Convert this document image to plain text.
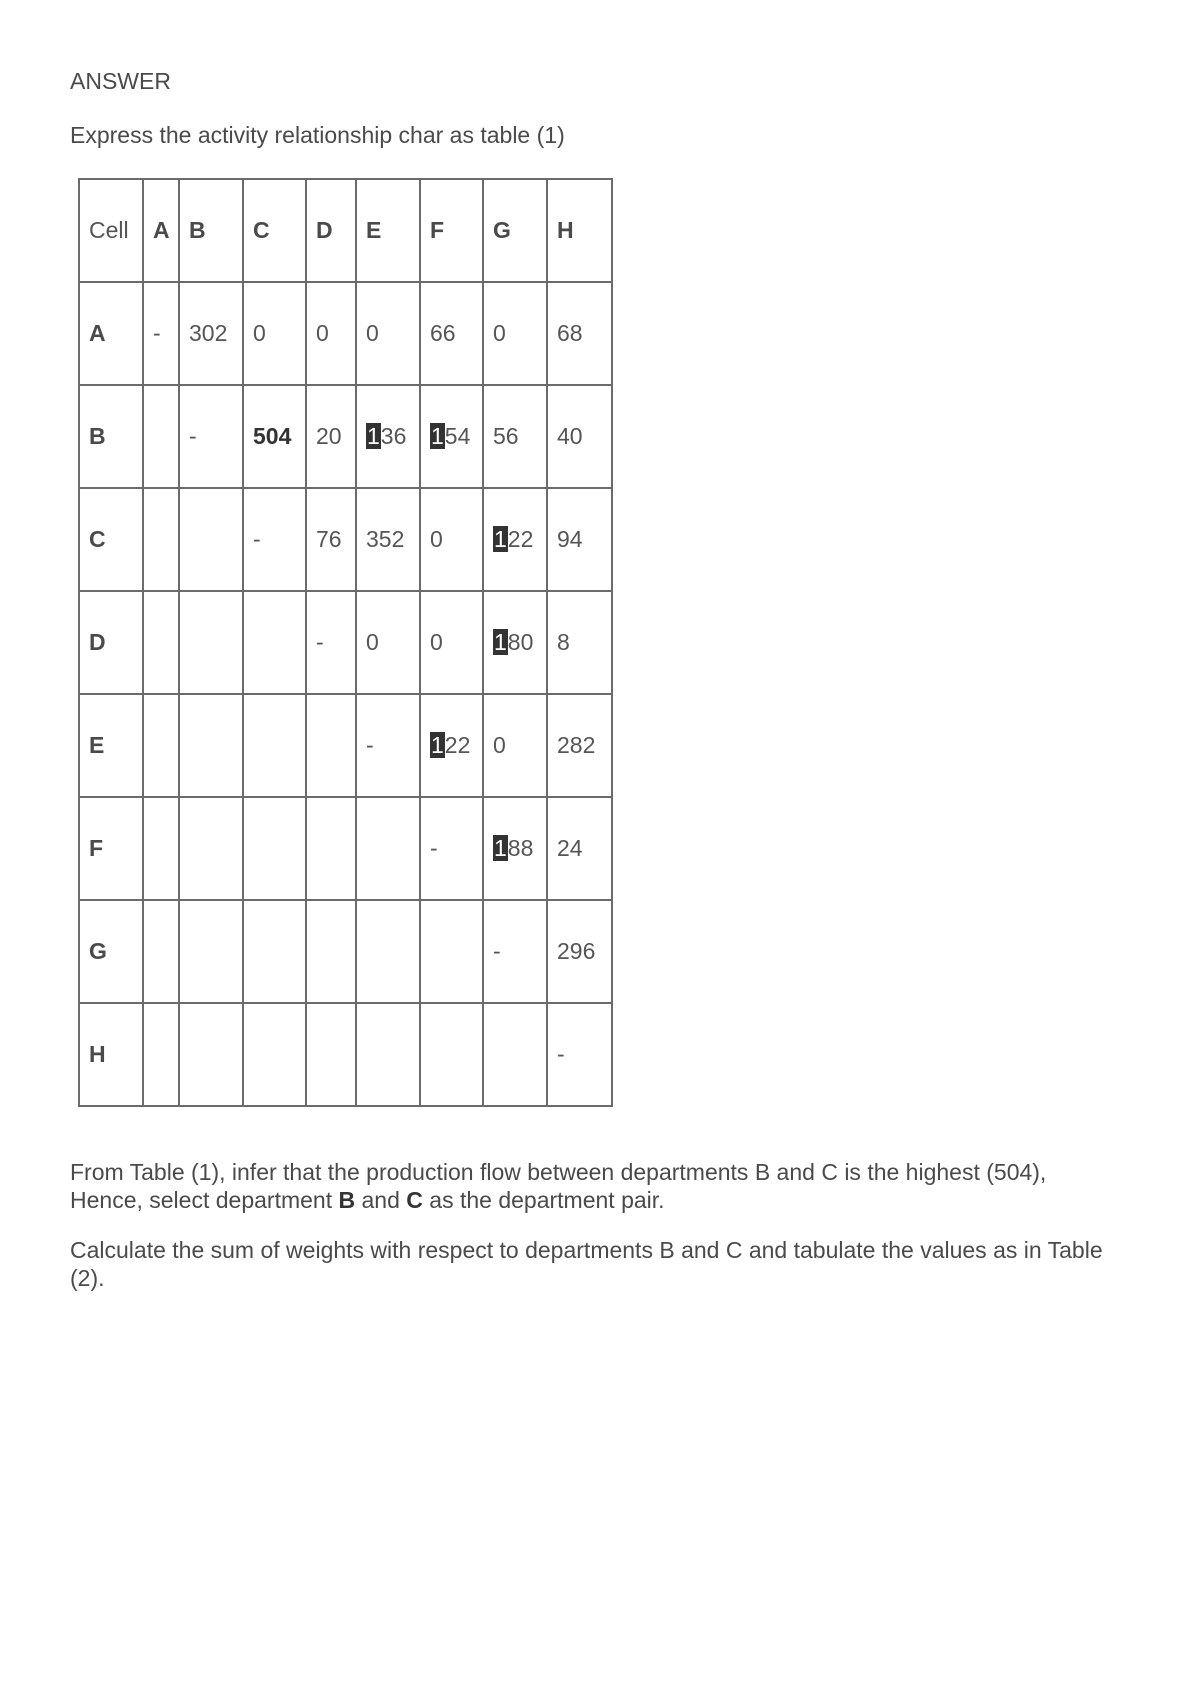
ANSWER

Express the activity relationship char as table (1)

Cell	A	B	C	D	E	F	G	H
A	-	302	0	0	0	66	0	68
B		-	504	20	136	154	56	40
C			-	76	352	0	122	94
D				-	0	0	180	8
E					-	122	0	282
F						-	188	24
G							-	296
H								-

From Table (1), infer that the production flow between departments B and C is the highest (504),
Hence, select department B and C as the department pair.

Calculate the sum of weights with respect to departments B and C and tabulate the values as in Table (2).
